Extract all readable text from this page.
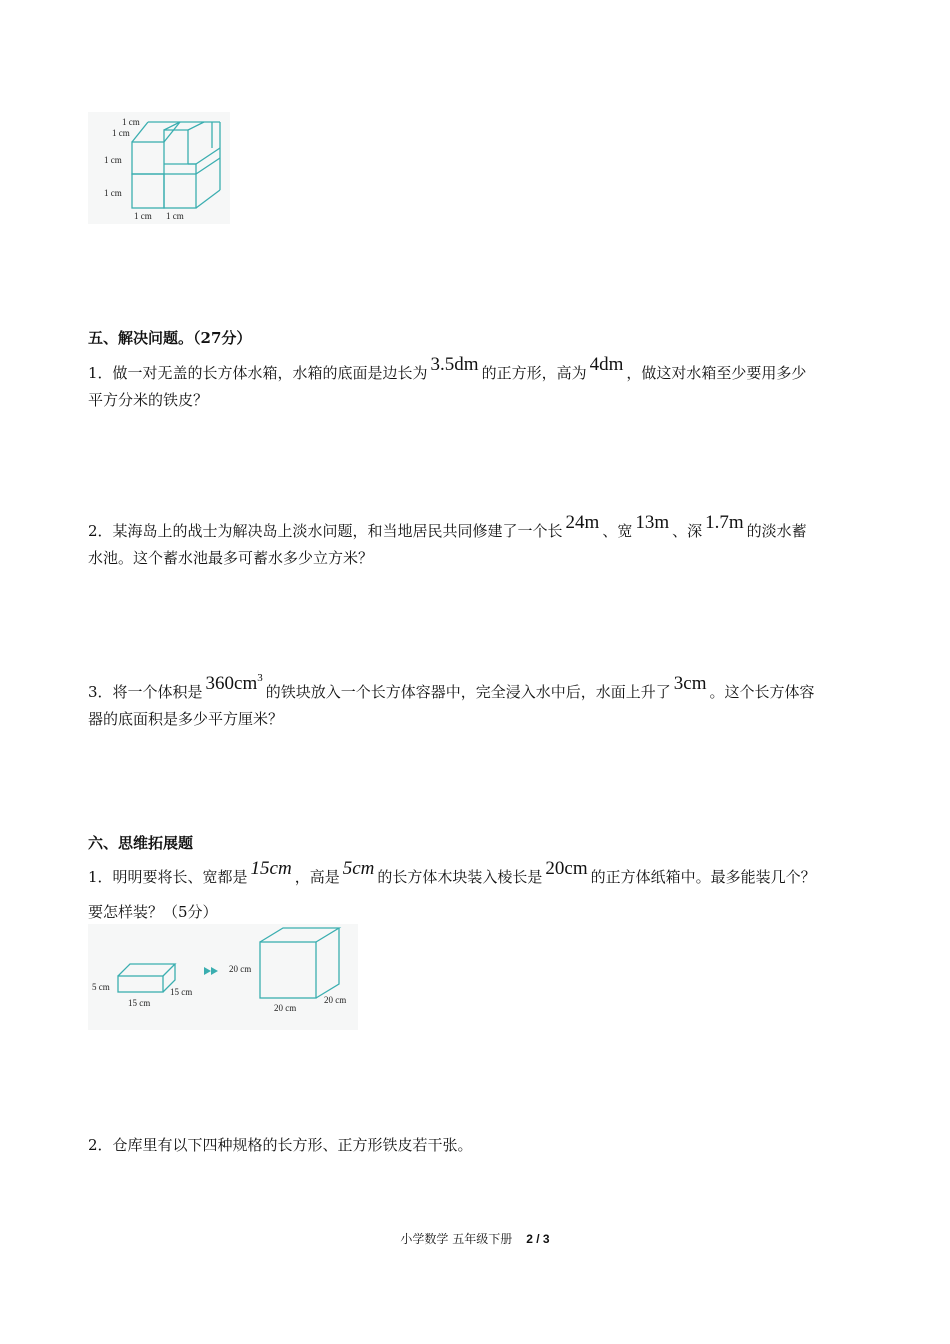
1 cm
1 cm
1 cm
1 cm
1 cm 1 cm
五、解决问题。（27分）
1．做一对无盖的长方体水箱，水箱的底面是边长为 3.5dm 的正方形，高为 4dm ，做这对水箱至少要用多少
平方分米的铁皮？
2．某海岛上的战士为解决岛上淡水问题，和当地居民共同修建了一个长 24m 、宽 13m 、深 1.7m 的淡水蓄
水池。这个蓄水池最多可蓄水多少立方米？
3．将一个体积是 $360cm^3$的铁块放入一个长方体容器中，完全浸入水中后，水面上升了 3cm 。这个长方体容
器的底面积是多少平方厘米？
六、思维拓展题
1．明明要将长、宽都是 15cm ，高是 5cm 的长方体木块装入棱长是 20cm 的正方体纸箱中。最多能装几个？
要怎样装？（5分）
5 cm
15 cm
15 cm
20 cm
20 cm
20 cm
2．仓库里有以下四种规格的长方形、正方形铁皮若干张。
小学数学 五年级下册 2 / 3
